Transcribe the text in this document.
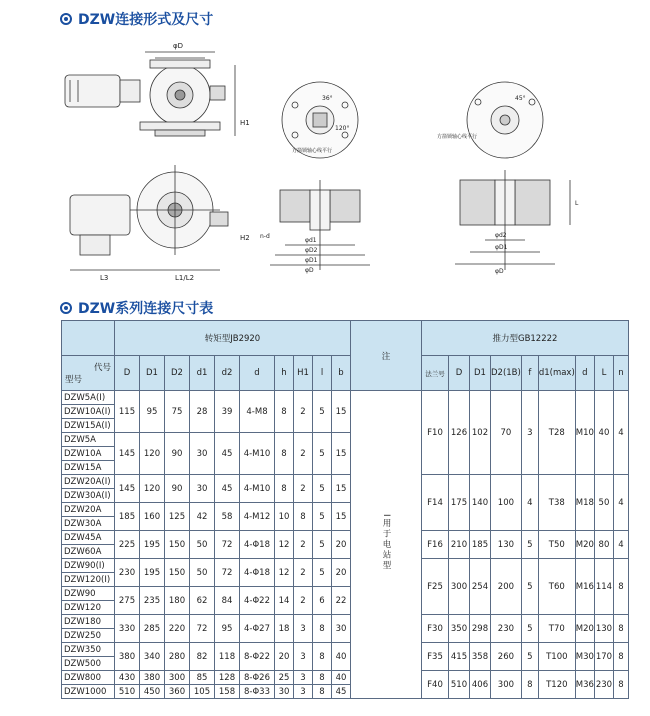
DZW连接形式及尺寸
φD
H1
L3	L1/L2
H2
36°
120°
方箭锁轴心线平行
45°
方箭锁轴心线平行
φd1
φD2
φD1
φD
n-d
L
φd2
φD1
φD
DZW系列连接尺寸表
	转矩型JB2920										注	推力型GB12222								

代号
型号	D	D1	D2	d1	d2	d	h	H1	l	b		法兰号	D	D1	D2(1B)	f	d1(max)	d	L	n
DZW5A(I)	115	95	75	28	39	4-M8	8	2	5	15	I用于电站型	F10	126	102	70	3	T28	M10	40	4
DZW10A(I)																				
DZW15A(I)																				
DZW5A	145	120	90	30	45	4-M10	8	2	5	15										
DZW10A																				
DZW15A																				
DZW20A(I)	145	120	90	30	45	4-M10	8	2	5	15		F14	175	140	100	4	T38	M18	50	4
DZW30A(I)																				
DZW20A	185	160	125	42	58	4-M12	10	8	5	15										
DZW30A																				
DZW45A	225	195	150	50	72	4-Φ18	12	2	5	20		F16	210	185	130	5	T50	M20	80	4
DZW60A																				
DZW90(I)	230	195	150	50	72	4-Φ18	12	2	5	20		F25	300	254	200	5	T60	M16	114	8
DZW120(I)																				
DZW90	275	235	180	62	84	4-Φ22	14	2	6	22										
DZW120																				
DZW180	330	285	220	72	95	4-Φ27	18	3	8	30		F30	350	298	230	5	T70	M20	130	8
DZW250																				
DZW350	380	340	280	82	118	8-Φ22	20	3	8	40		F35	415	358	260	5	T100	M30	170	8
DZW500																				
DZW800	430	380	300	85	128	8-Φ26	25	3	8	40		F40	510	406	300	8	T120	M36	230	8
DZW1000	510	450	360	105	158	8-Φ33	30	3	8	45										
